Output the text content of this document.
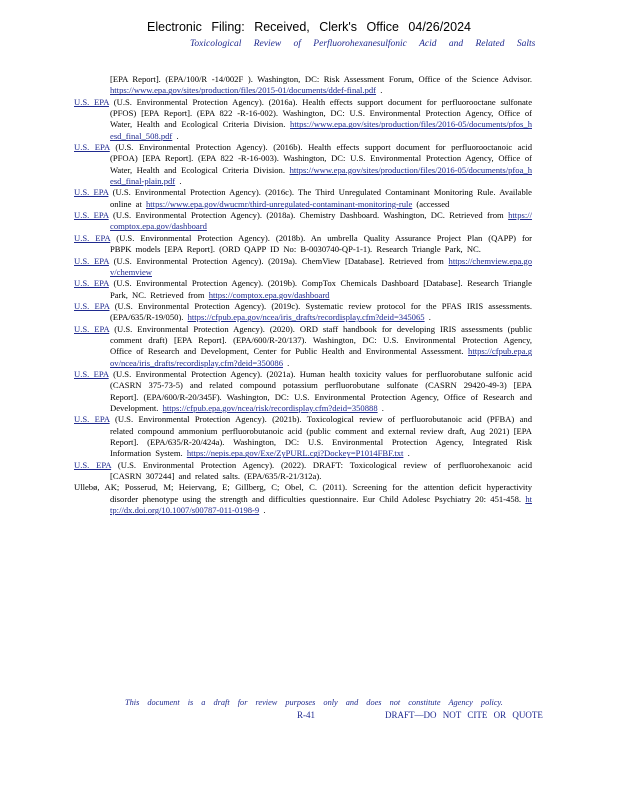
Electronic Filing: Received, Clerk's Office 04/26/2024
Toxicological Review of Perfluorohexanesulfonic Acid and Related Salts

[EPA Report]. (EPA/100/R -14/002F ). Washington, DC: Risk Assessment Forum, Office of the Science Advisor. https://www.epa.gov/sites/production/files/2015-01/documents/ddef-final.pdf .

U.S. EPA (U.S. Environmental Protection Agency). (2016a). Health effects support document for perfluorooctane sulfonate (PFOS) [EPA Report]. (EPA 822 -R-16-002). Washington, DC: U.S. Environmental Protection Agency, Office of Water, Health and Ecological Criteria Division. https://www.epa.gov/sites/production/files/2016-05/documents/pfos_hesd_final_508.pdf .

U.S. EPA (U.S. Environmental Protection Agency). (2016b). Health effects support document for perfluorooctanoic acid (PFOA) [EPA Report]. (EPA 822 -R-16-003). Washington, DC: U.S. Environmental Protection Agency, Office of Water, Health and Ecological Criteria Division. https://www.epa.gov/sites/production/files/2016-05/documents/pfoa_hesd_final-plain.pdf .

U.S. EPA (U.S. Environmental Protection Agency). (2016c). The Third Unregulated Contaminant Monitoring Rule. Available online at https://www.epa.gov/dwucmr/third-unregulated-contaminant-monitoring-rule (accessed

U.S. EPA (U.S. Environmental Protection Agency). (2018a). Chemistry Dashboard. Washington, DC. Retrieved from https://comptox.epa.gov/dashboard

U.S. EPA (U.S. Environmental Protection Agency). (2018b). An umbrella Quality Assurance Project Plan (QAPP) for PBPK models [EPA Report]. (ORD QAPP ID No: B-0030740-QP-1-1). Research Triangle Park, NC.

U.S. EPA (U.S. Environmental Protection Agency). (2019a). ChemView [Database]. Retrieved from https://chemview.epa.gov/chemview

U.S. EPA (U.S. Environmental Protection Agency). (2019b). CompTox Chemicals Dashboard [Database]. Research Triangle Park, NC. Retrieved from https://comptox.epa.gov/dashboard

U.S. EPA (U.S. Environmental Protection Agency). (2019c). Systematic review protocol for the PFAS IRIS assessments. (EPA/635/R-19/050). https://cfpub.epa.gov/ncea/iris_drafts/recordisplay.cfm?deid=345065 .

U.S. EPA (U.S. Environmental Protection Agency). (2020). ORD staff handbook for developing IRIS assessments (public comment draft) [EPA Report]. (EPA/600/R-20/137). Washington, DC: U.S. Environmental Protection Agency, Office of Research and Development, Center for Public Health and Environmental Assessment. https://cfpub.epa.gov/ncea/iris_drafts/recordisplay.cfm?deid=350086 .

U.S. EPA (U.S. Environmental Protection Agency). (2021a). Human health toxicity values for perfluorobutane sulfonic acid (CASRN 375-73-5) and related compound potassium perfluorobutane sulfonate (CASRN 29420-49-3) [EPA Report]. (EPA/600/R-20/345F). Washington, DC: U.S. Environmental Protection Agency, Office of Research and Development. https://cfpub.epa.gov/ncea/risk/recordisplay.cfm?deid=350888 .

U.S. EPA (U.S. Environmental Protection Agency). (2021b). Toxicological review of perfluorobutanoic acid (PFBA) and related compound ammonium perfluorobutanoic acid (public comment and external review draft, Aug 2021) [EPA Report]. (EPA/635/R-20/424a). Washington, DC: U.S. Environmental Protection Agency, Integrated Risk Information System. https://nepis.epa.gov/Exe/ZyPURL.cgi?Dockey=P1014FBF.txt .

U.S. EPA (U.S. Environmental Protection Agency). (2022). DRAFT: Toxicological review of perfluorohexanoic acid [CASRN 307244] and related salts. (EPA/635/R-21/312a).

Ullebø, AK; Posserud, M; Heiervang, E; Gillberg, C; Obel, C. (2011). Screening for the attention deficit hyperactivity disorder phenotype using the strength and difficulties questionnaire. Eur Child Adolesc Psychiatry 20: 451-458. http://dx.doi.org/10.1007/s00787-011-0198-9 .

This document is a draft for review purposes only and does not constitute Agency policy.
R-41	DRAFT—DO NOT CITE OR QUOTE
